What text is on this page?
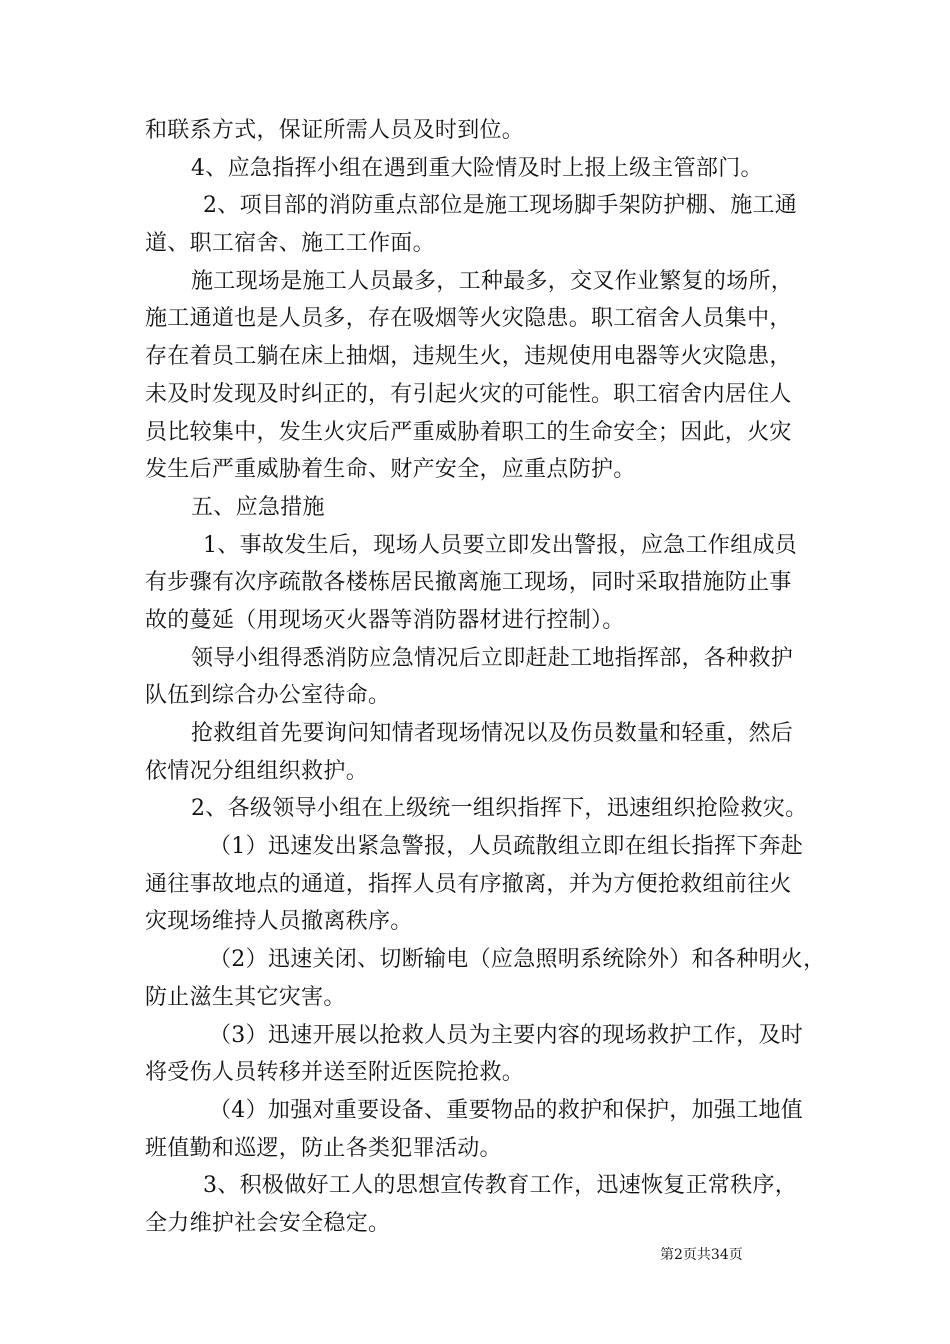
和联系方式，保证所需人员及时到位。
4、应急指挥小组在遇到重大险情及时上报上级主管部门。
2、项目部的消防重点部位是施工现场脚手架防护棚、施工通
道、职工宿舍、施工工作面。
施工现场是施工人员最多，工种最多，交叉作业繁复的场所，
施工通道也是人员多，存在吸烟等火灾隐患。职工宿舍人员集中，
存在着员工躺在床上抽烟，违规生火，违规使用电器等火灾隐患，
未及时发现及时纠正的，有引起火灾的可能性。职工宿舍内居住人
员比较集中，发生火灾后严重威胁着职工的生命安全；因此，火灾
发生后严重威胁着生命、财产安全，应重点防护。
五、应急措施
1、事故发生后，现场人员要立即发出警报，应急工作组成员
有步骤有次序疏散各楼栋居民撤离施工现场，同时采取措施防止事
故的蔓延（用现场灭火器等消防器材进行控制）。
领导小组得悉消防应急情况后立即赶赴工地指挥部，各种救护
队伍到综合办公室待命。
抢救组首先要询问知情者现场情况以及伤员数量和轻重，然后
依情况分组组织救护。
2、各级领导小组在上级统一组织指挥下，迅速组织抢险救灾。
（1）迅速发出紧急警报，人员疏散组立即在组长指挥下奔赴
通往事故地点的通道，指挥人员有序撤离，并为方便抢救组前往火
灾现场维持人员撤离秩序。
（2）迅速关闭、切断输电（应急照明系统除外）和各种明火，
防止滋生其它灾害。
（3）迅速开展以抢救人员为主要内容的现场救护工作，及时
将受伤人员转移并送至附近医院抢救。
（4）加强对重要设备、重要物品的救护和保护，加强工地值
班值勤和巡逻，防止各类犯罪活动。
3、积极做好工人的思想宣传教育工作，迅速恢复正常秩序，
全力维护社会安全稳定。
第2页共34页
